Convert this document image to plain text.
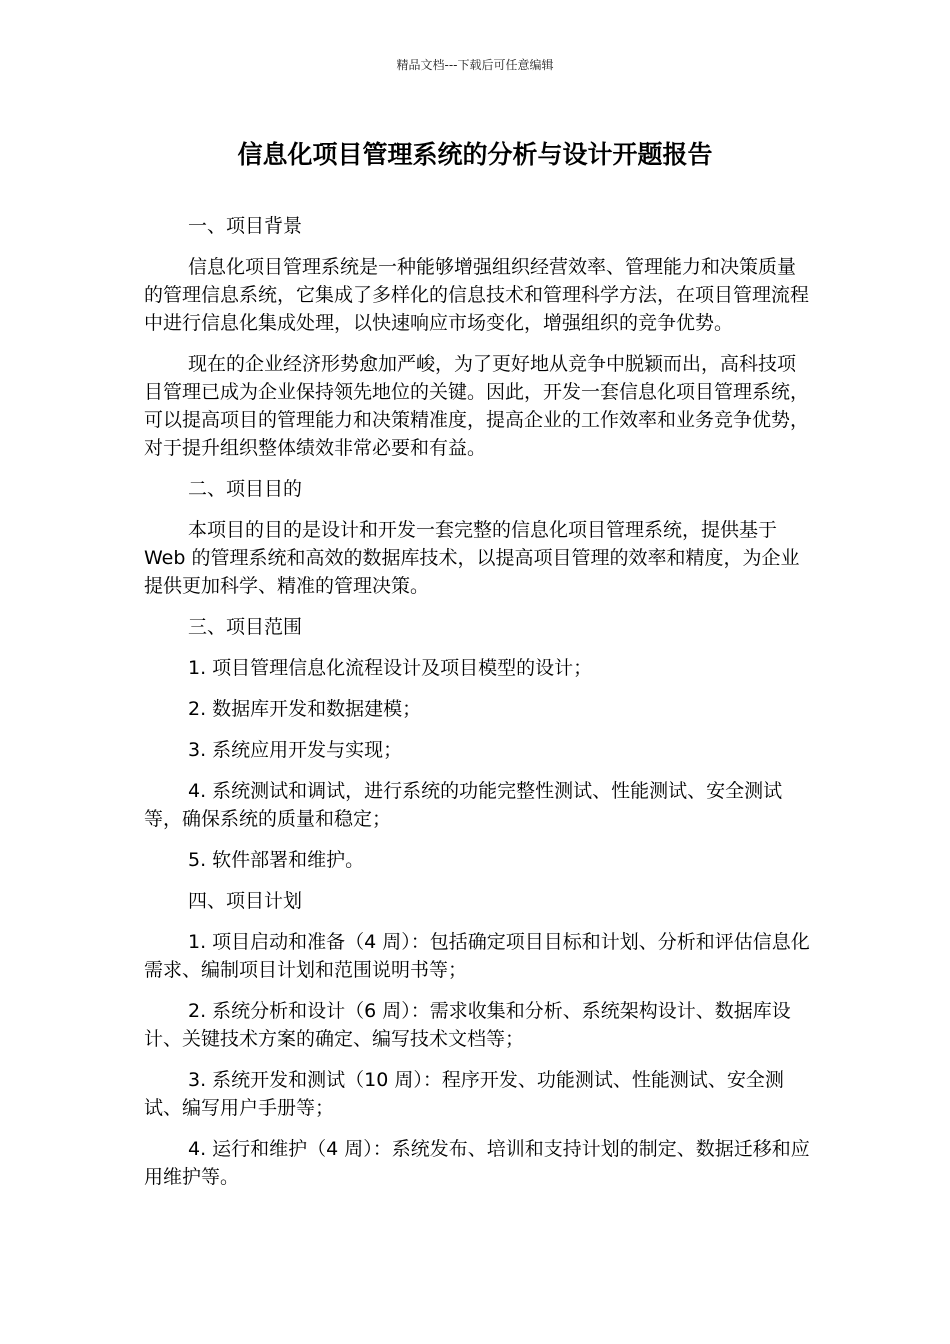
精品文档---下载后可任意编辑
信息化项目管理系统的分析与设计开题报告

一、项目背景

信息化项目管理系统是一种能够增强组织经营效率、管理能力和决策质量的管理信息系统，它集成了多样化的信息技术和管理科学方法，在项目管理流程中进行信息化集成处理，以快速响应市场变化，增强组织的竞争优势。

现在的企业经济形势愈加严峻，为了更好地从竞争中脱颖而出，高科技项目管理已成为企业保持领先地位的关键。因此，开发一套信息化项目管理系统，可以提高项目的管理能力和决策精准度，提高企业的工作效率和业务竞争优势，对于提升组织整体绩效非常必要和有益。

二、项目目的

本项目的目的是设计和开发一套完整的信息化项目管理系统，提供基于 Web 的管理系统和高效的数据库技术，以提高项目管理的效率和精度，为企业提供更加科学、精准的管理决策。

三、项目范围

1. 项目管理信息化流程设计及项目模型的设计；

2. 数据库开发和数据建模；

3. 系统应用开发与实现；

4. 系统测试和调试，进行系统的功能完整性测试、性能测试、安全测试等，确保系统的质量和稳定；

5. 软件部署和维护。

四、项目计划

1. 项目启动和准备（4 周）：包括确定项目目标和计划、分析和评估信息化需求、编制项目计划和范围说明书等；

2. 系统分析和设计（6 周）：需求收集和分析、系统架构设计、数据库设计、关键技术方案的确定、编写技术文档等；

3. 系统开发和测试（10 周）：程序开发、功能测试、性能测试、安全测试、编写用户手册等；

4. 运行和维护（4 周）：系统发布、培训和支持计划的制定、数据迁移和应用维护等。
